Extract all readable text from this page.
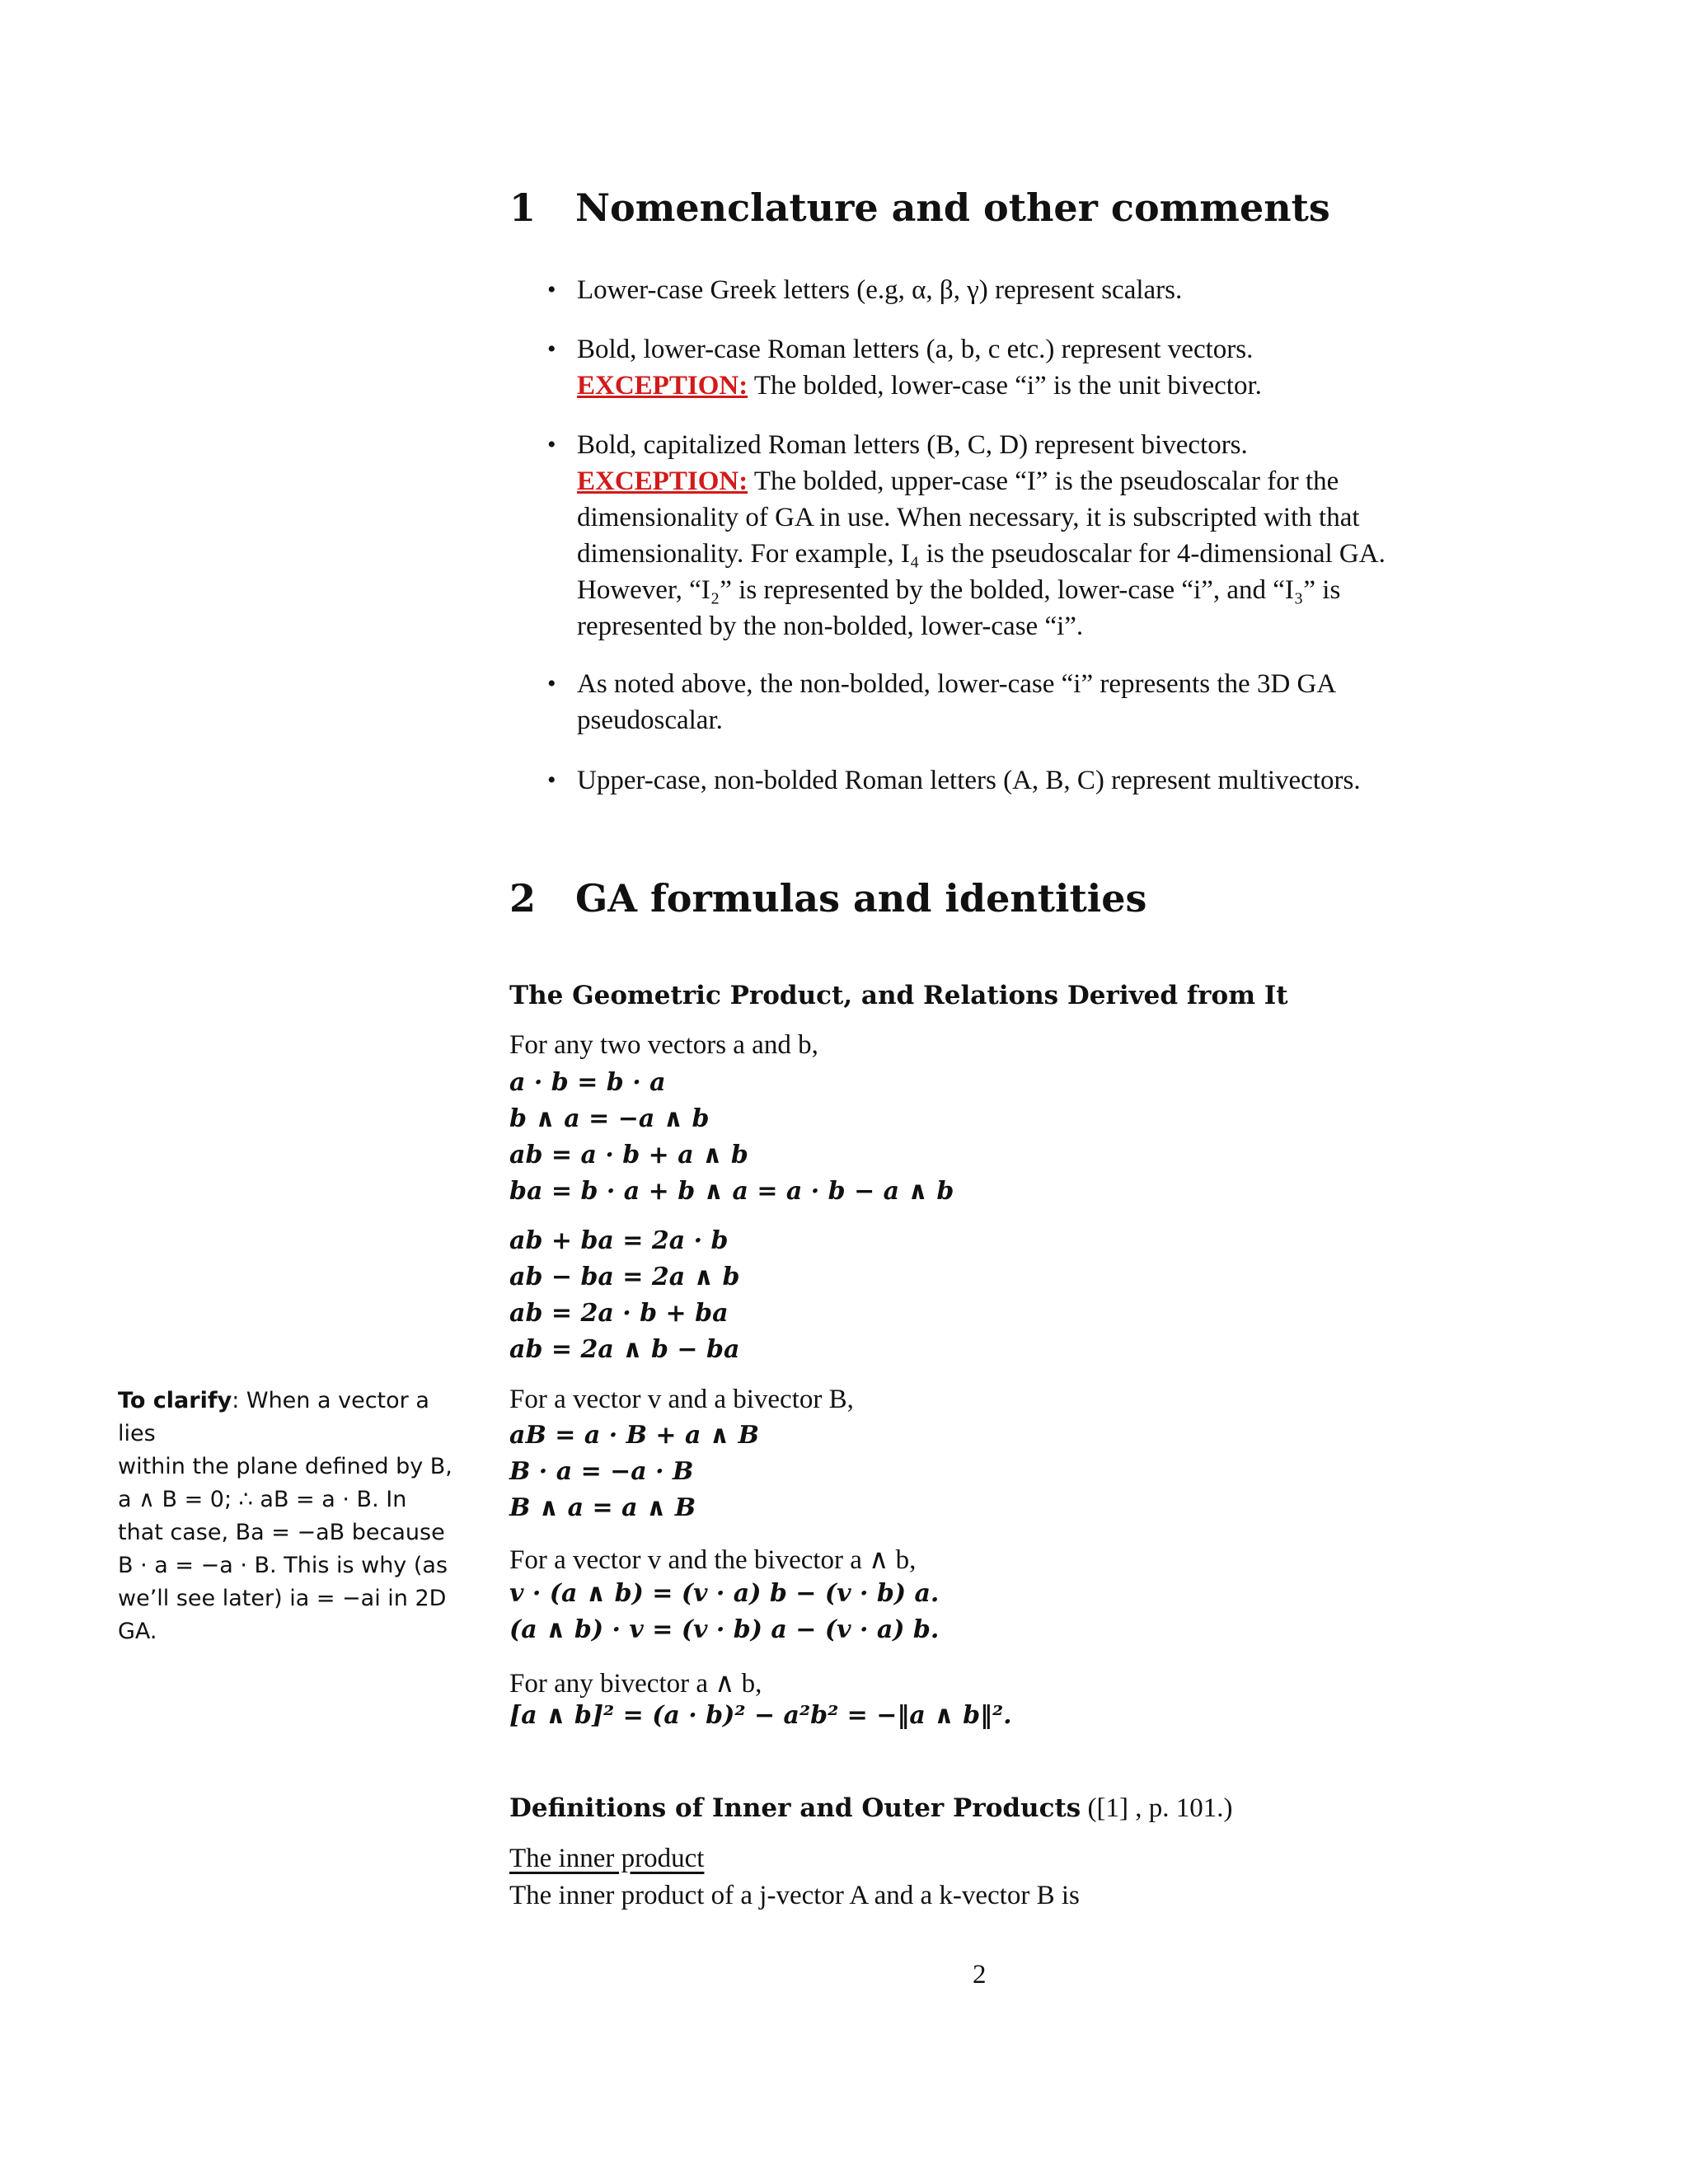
1 Nomenclature and other comments
• Lower-case Greek letters (e.g, α, β, γ) represent scalars.
• Bold, lower-case Roman letters (a, b, c etc.) represent vectors.
EXCEPTION: The bolded, lower-case “i” is the unit bivector.
• Bold, capitalized Roman letters (B, C, D) represent bivectors.
EXCEPTION: The bolded, upper-case “I” is the pseudoscalar for the
dimensionality of GA in use. When necessary, it is subscripted with that
dimensionality. For example, I₄ is the pseudoscalar for 4-dimensional GA.
However, “I₂” is represented by the bolded, lower-case “i”, and “I₃” is
represented by the non-bolded, lower-case “i”.
• As noted above, the non-bolded, lower-case “i” represents the 3D GA
pseudoscalar.
• Upper-case, non-bolded Roman letters (A, B, C) represent multivectors.
2 GA formulas and identities
The Geometric Product, and Relations Derived from It
For any two vectors a and b,
a · b = b · a
b ∧ a = −a ∧ b
ab = a · b + a ∧ b
ba = b · a + b ∧ a = a · b − a ∧ b
ab + ba = 2a · b
ab − ba = 2a ∧ b
ab = 2a · b + ba
ab = 2a ∧ b − ba
For a vector v and a bivector B,
aB = a · B + a ∧ B
B · a = −a · B
B ∧ a = a ∧ B
For a vector v and the bivector a ∧ b,
v · (a ∧ b) = (v · a) b − (v · b) a.
(a ∧ b) · v = (v · b) a − (v · a) b.
For any bivector a ∧ b,
[a ∧ b]² = (a · b)² − a²b² = −‖a ∧ b‖².
Definitions of Inner and Outer Products ([1] , p. 101.)
The inner product
The inner product of a j-vector A and a k-vector B is
To clarify: When a vector a lies
within the plane defined by B,
a ∧ B = 0; ∴ aB = a · B. In
that case, Ba = −aB because
B · a = −a · B. This is why (as
we’ll see later) ia = −ai in 2D
GA.
2
